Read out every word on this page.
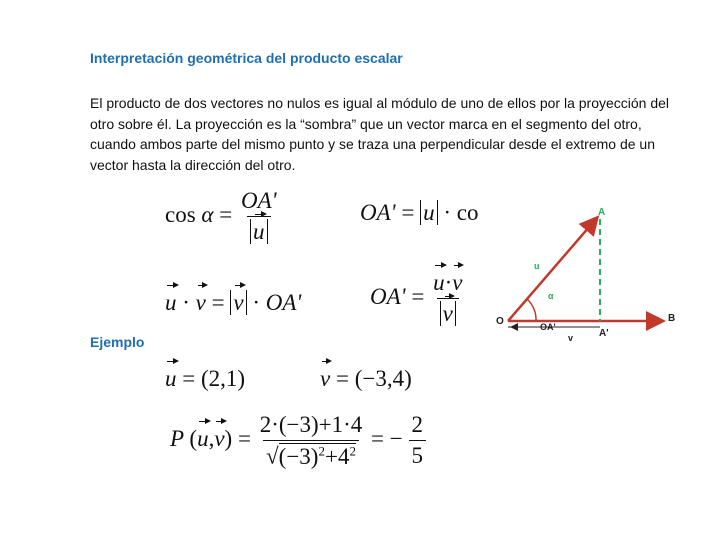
Interpretación geométrica del producto escalar
El producto de dos vectores no nulos es igual al módulo de uno de ellos por la proyección del otro sobre él. La proyección es la “sombra” que un vector marca en el segmento del otro, cuando ambos parte del mismo punto y se traza una perpendicular desde el extremo de un vector hasta la dirección del otro.
$\cos \alpha = \frac{OA'}{u}$	OA' = u · co
u · v = v · OA'	$OA' = \frac{u\cdot v}{v}$
A
B
O
A'
u
v
α
OA'
Ejemplo
u = (2,1)	v = (−3,4)
P $(u,v) = \frac{2\cdot(-3)+1\cdot 4}{√(-3)^2+4^2}$ = − $\frac{2}{5}$
